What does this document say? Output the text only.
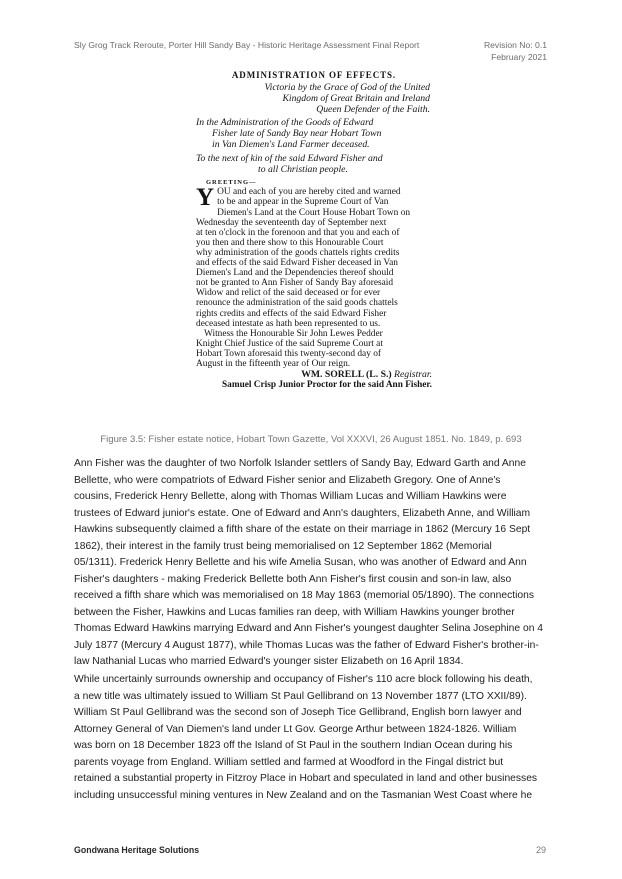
Sly Grog Track Reroute, Porter Hill Sandy Bay - Historic Heritage Assessment Final Report	Revision No: 0.1
February 2021
ADMINISTRATION OF EFFECTS.
Victoria by the Grace of God of the United
Kingdom of Great Britain and Ireland
Queen Defender of the Faith.
In the Administration of the Goods of Edward
Fisher late of Sandy Bay near Hobart Town
in Van Diemen's Land Farmer deceased.
To the next of kin of the said Edward Fisher and
to all Christian people.
GREETING—
Y OU and each of you are hereby cited and warned
to be and appear in the Supreme Court of Van
Diemen's Land at the Court House Hobart Town on
Wednesday the seventeenth day of September next
at ten o'clock in the forenoon and that you and each of
you then and there show to this Honourable Court
why administration of the goods chattels rights credits
and effects of the said Edward Fisher deceased in Van
Diemen's Land and the Dependencies thereof should
not be granted to Ann Fisher of Sandy Bay aforesaid
Widow and relict of the said deceased or for ever
renounce the administration of the said goods chattels
rights credits and effects of the said Edward Fisher
deceased intestate as hath been represented to us.
Witness the Honourable Sir John Lewes Pedder
Knight Chief Justice of the said Supreme Court at
Hobart Town aforesaid this twenty-second day of
August in the fifteenth year of Our reign.
WM. SORELL (L. S.) Registrar.
Samuel Crisp Junior Proctor for the said Ann Fisher.
Figure 3.5: Fisher estate notice, Hobart Town Gazette, Vol XXXVI, 26 August 1851. No. 1849, p. 693
Ann Fisher was the daughter of two Norfolk Islander settlers of Sandy Bay, Edward Garth and Anne
Bellette, who were compatriots of Edward Fisher senior and Elizabeth Gregory. One of Anne's
cousins, Frederick Henry Bellette, along with Thomas William Lucas and William Hawkins were
trustees of Edward junior's estate. One of Edward and Ann's daughters, Elizabeth Anne, and William
Hawkins subsequently claimed a fifth share of the estate on their marriage in 1862 (Mercury 16 Sept
1862), their interest in the family trust being memorialised on 12 September 1862 (Memorial
05/1311). Frederick Henry Bellette and his wife Amelia Susan, who was another of Edward and Ann
Fisher's daughters - making Frederick Bellette both Ann Fisher's first cousin and son-in law, also
received a fifth share which was memorialised on 18 May 1863 (memorial 05/1890). The connections
between the Fisher, Hawkins and Lucas families ran deep, with William Hawkins younger brother
Thomas Edward Hawkins marrying Edward and Ann Fisher's youngest daughter Selina Josephine on 4
July 1877 (Mercury 4 August 1877), while Thomas Lucas was the father of Edward Fisher's brother-in-
law Nathanial Lucas who married Edward's younger sister Elizabeth on 16 April 1834.
While uncertainly surrounds ownership and occupancy of Fisher's 110 acre block following his death,
a new title was ultimately issued to William St Paul Gellibrand on 13 November 1877 (LTO XXII/89).
William St Paul Gellibrand was the second son of Joseph Tice Gellibrand, English born lawyer and
Attorney General of Van Diemen's land under Lt Gov. George Arthur between 1824-1826. William
was born on 18 December 1823 off the Island of St Paul in the southern Indian Ocean during his
parents voyage from England. William settled and farmed at Woodford in the Fingal district but
retained a substantial property in Fitzroy Place in Hobart and speculated in land and other businesses
including unsuccessful mining ventures in New Zealand and on the Tasmanian West Coast where he
Gondwana Heritage Solutions	29
